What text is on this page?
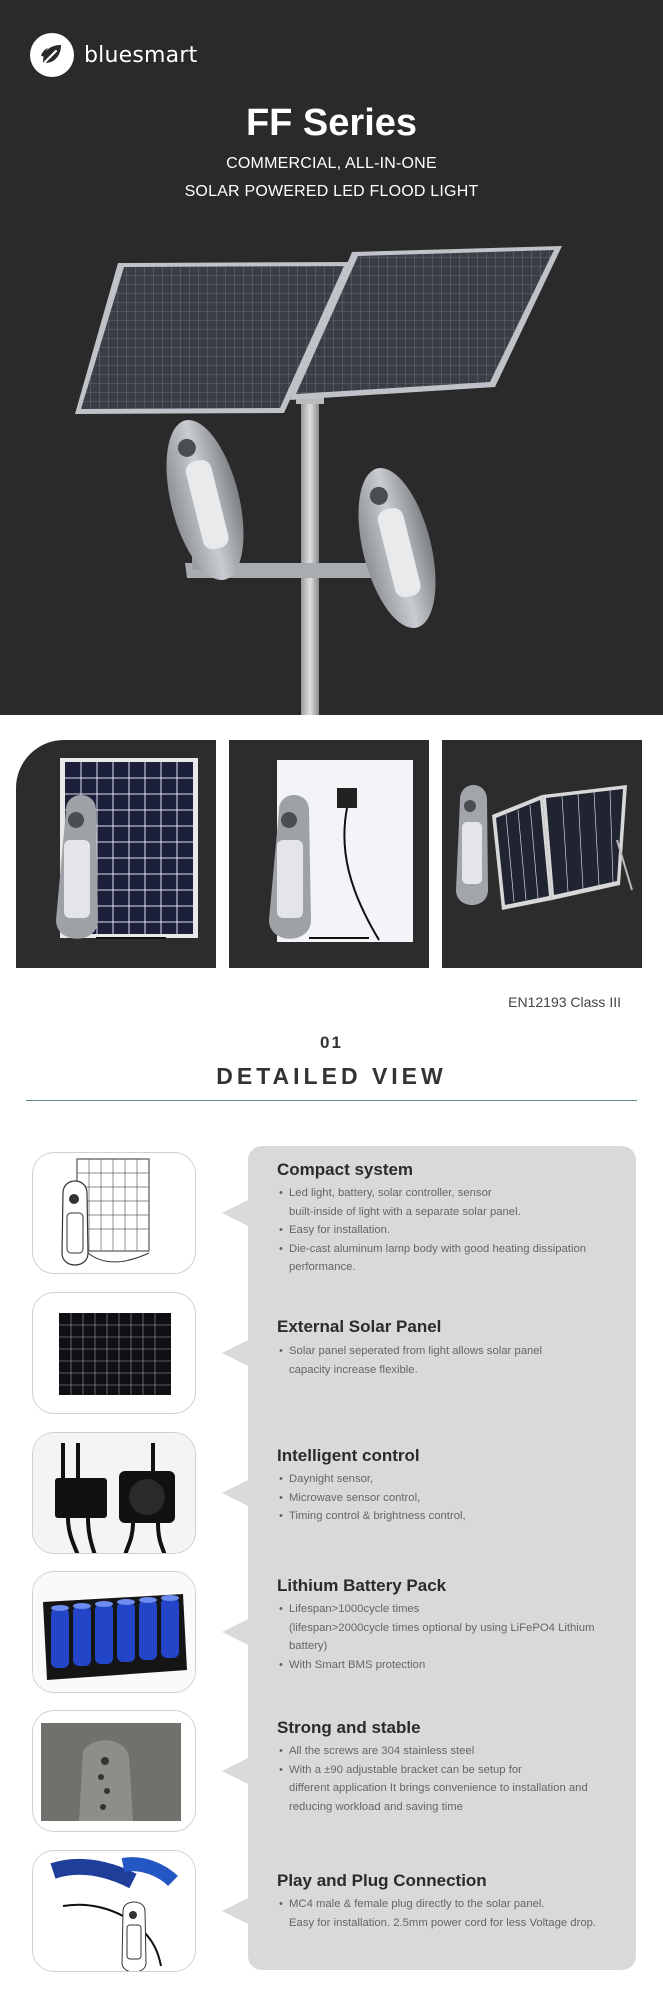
bluesmart
FF Series
COMMERCIAL, ALL-IN-ONE
SOLAR POWERED LED FLOOD LIGHT
EN12193 Class III
01
DETAILED VIEW
Compact system
• Led light, battery, solar controller, sensor
built-inside of light with a separate solar panel.
• Easy for installation.
• Die-cast aluminum lamp body with good heating dissipation
performance.
External Solar Panel
• Solar panel seperated from light allows solar panel
capacity increase flexible.
Intelligent control
• Daynight sensor,
• Microwave sensor control,
• Timing control & brightness control,
Lithium Battery Pack
• Lifespan>1000cycle times
(lifespan>2000cycle times optional by using LiFePO4 Lithium battery)
• With Smart BMS protection
Strong and stable
• All the screws are 304 stainless steel
• With a ±90 adjustable bracket can be setup for
different application It brings convenience to installation and reducing workload and saving time
Play and Plug Connection
• MC4 male & female plug directly to the solar panel.
Easy for installation. 2.5mm power cord for less Voltage drop.
